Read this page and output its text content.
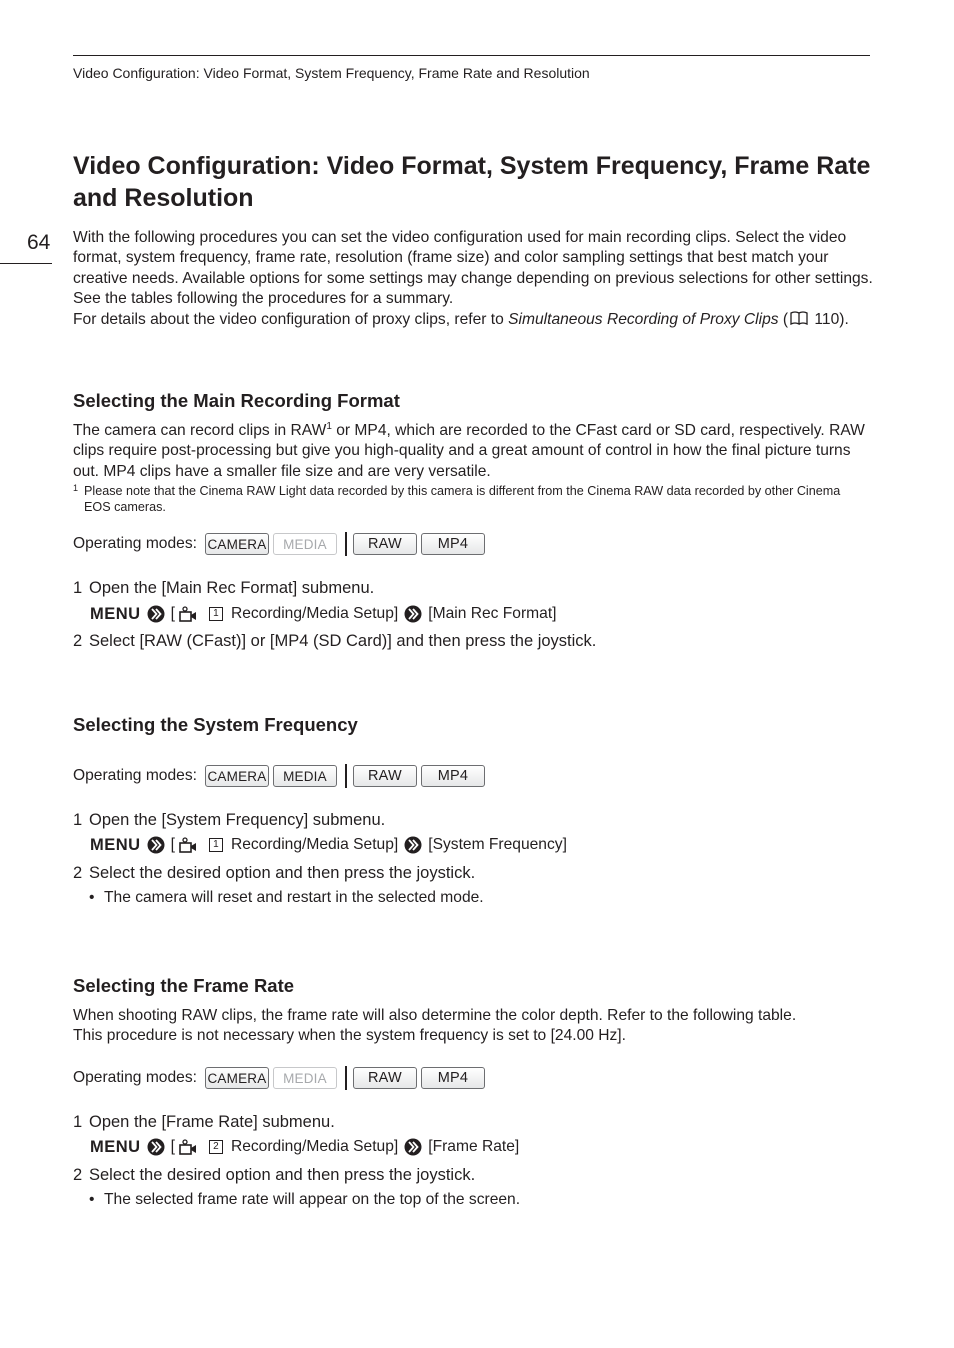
Video Configuration: Video Format, System Frequency, Frame Rate and Resolution
Video Configuration: Video Format, System Frequency, Frame Rate and Resolution
64 With the following procedures you can set the video configuration used for main recording clips. Select the video format, system frequency, frame rate, resolution (frame size) and color sampling settings that best match your creative needs. Available options for some settings may change depending on previous selections for other settings. See the tables following the procedures for a summary.

For details about the video configuration of proxy clips, refer to Simultaneous Recording of Proxy Clips ( 110).

Selecting the Main Recording Format
The camera can record clips in RAW$^1$ or MP4, which are recorded to the CFast card or SD card, respectively. RAW clips require post-processing but give you high-quality and a great amount of control in how the final picture turns out. MP4 clips have a smaller file size and are very versatile.
1 Please note that the Cinema RAW Light data recorded by this camera is different from the Cinema RAW data recorded by other Cinema EOS cameras.
Operating modes: CAMERA	MEDIA	RAW	MP4
1 Open the [Main Rec Format] submenu.
MENU [	1 Recording/Media Setup] [Main Rec Format]
2 Select [RAW (CFast)] or [MP4 (SD Card)] and then press the joystick.
Selecting the System Frequency
Operating modes: CAMERA	MEDIA	RAW	MP4
1 Open the [System Frequency] submenu.
MENU [	1 Recording/Media Setup] [System Frequency]
2 Select the desired option and then press the joystick.
• The camera will reset and restart in the selected mode.
Selecting the Frame Rate

When shooting RAW clips, the frame rate will also determine the color depth. Refer to the following table.

This procedure is not necessary when the system frequency is set to [24.00 Hz].

Operating modes: CAMERA	MEDIA	RAW	MP4
1 Open the [Frame Rate] submenu.
MENU [	2 Recording/Media Setup] [Frame Rate]
2 Select the desired option and then press the joystick.
• The selected frame rate will appear on the top of the screen.
